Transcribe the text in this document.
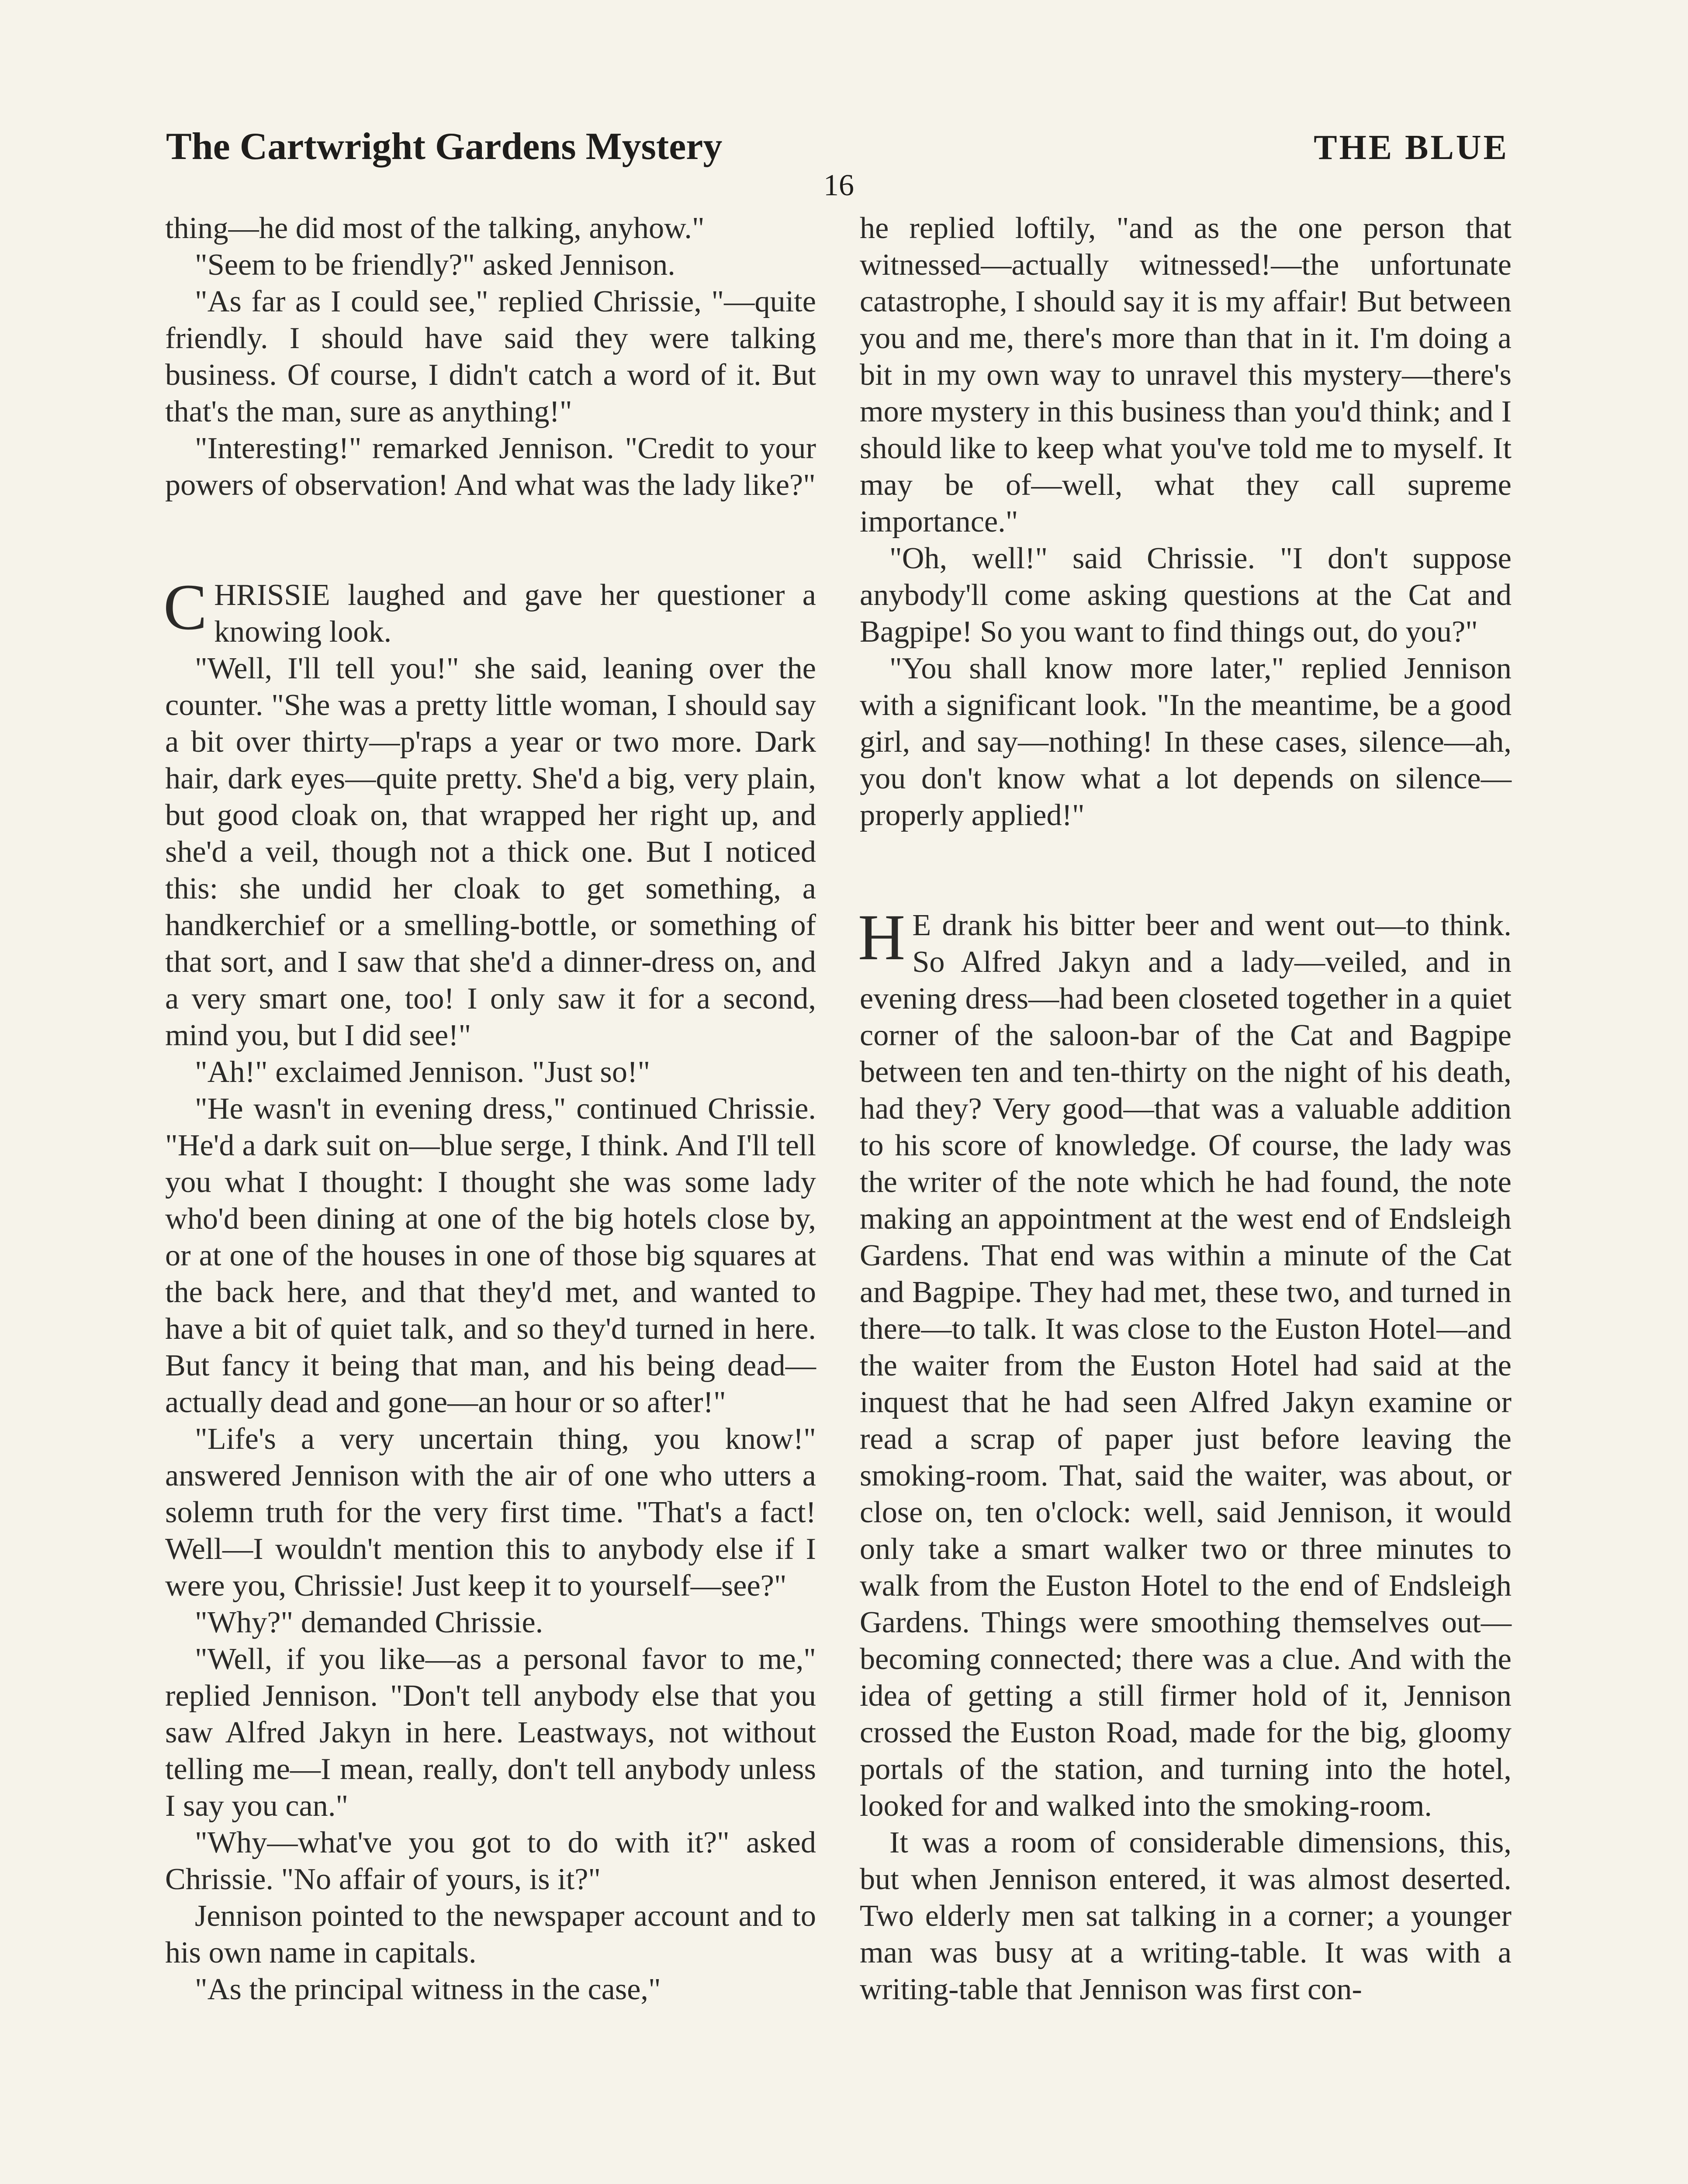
The Cartwright Gardens Mystery	THE BLUE
16

thing—he did most of the talking, anyhow."

"Seem to be friendly?" asked Jennison.

"As far as I could see," replied Chrissie, "—quite friendly. I should have said they were talking business. Of course, I didn't catch a word of it. But that's the man, sure as anything!"

"Interesting!" remarked Jennison. "Credit to your powers of observation! And what was the lady like?"

CHRISSIE laughed and gave her questioner a knowing look.

"Well, I'll tell you!" she said, leaning over the counter. "She was a pretty little woman, I should say a bit over thirty—p'raps a year or two more. Dark hair, dark eyes—quite pretty. She'd a big, very plain, but good cloak on, that wrapped her right up, and she'd a veil, though not a thick one. But I noticed this: she undid her cloak to get something, a handkerchief or a smelling-bottle, or something of that sort, and I saw that she'd a dinner-dress on, and a very smart one, too! I only saw it for a second, mind you, but I did see!"

"Ah!" exclaimed Jennison. "Just so!"

"He wasn't in evening dress," continued Chrissie. "He'd a dark suit on—blue serge, I think. And I'll tell you what I thought: I thought she was some lady who'd been dining at one of the big hotels close by, or at one of the houses in one of those big squares at the back here, and that they'd met, and wanted to have a bit of quiet talk, and so they'd turned in here. But fancy it being that man, and his being dead—actually dead and gone—an hour or so after!"

"Life's a very uncertain thing, you know!" answered Jennison with the air of one who utters a solemn truth for the very first time. "That's a fact! Well—I wouldn't mention this to anybody else if I were you, Chrissie! Just keep it to yourself—see?"

"Why?" demanded Chrissie.

"Well, if you like—as a personal favor to me," replied Jennison. "Don't tell anybody else that you saw Alfred Jakyn in here. Leastways, not without telling me—I mean, really, don't tell anybody unless I say you can."

"Why—what've you got to do with it?" asked Chrissie. "No affair of yours, is it?"

Jennison pointed to the newspaper account and to his own name in capitals.

"As the principal witness in the case,"

he replied loftily, "and as the one person that witnessed—actually witnessed!—the unfortunate catastrophe, I should say it is my affair! But between you and me, there's more than that in it. I'm doing a bit in my own way to unravel this mystery—there's more mystery in this business than you'd think; and I should like to keep what you've told me to myself. It may be of—well, what they call supreme importance."

"Oh, well!" said Chrissie. "I don't suppose anybody'll come asking questions at the Cat and Bagpipe! So you want to find things out, do you?"

"You shall know more later," replied Jennison with a significant look. "In the meantime, be a good girl, and say—nothing! In these cases, silence—ah, you don't know what a lot depends on silence—properly applied!"

H E drank his bitter beer and went out—to think. So Alfred Jakyn and a lady—veiled, and in evening dress—had been closeted together in a quiet corner of the saloon-bar of the Cat and Bagpipe between ten and ten-thirty on the night of his death, had they? Very good—that was a valuable addition to his score of knowledge. Of course, the lady was the writer of the note which he had found, the note making an appointment at the west end of Endsleigh Gardens. That end was within a minute of the Cat and Bagpipe. They had met, these two, and turned in there—to talk. It was close to the Euston Hotel—and the waiter from the Euston Hotel had said at the inquest that he had seen Alfred Jakyn examine or read a scrap of paper just before leaving the smoking-room. That, said the waiter, was about, or close on, ten o'clock: well, said Jennison, it would only take a smart walker two or three minutes to walk from the Euston Hotel to the end of Endsleigh Gardens. Things were smoothing themselves out—becoming connected; there was a clue. And with the idea of getting a still firmer hold of it, Jennison crossed the Euston Road, made for the big, gloomy portals of the station, and turning into the hotel, looked for and walked into the smoking-room.

It was a room of considerable dimensions, this, but when Jennison entered, it was almost deserted. Two elderly men sat talking in a corner; a younger man was busy at a writing-table. It was with a writing-table that Jennison was first con-
